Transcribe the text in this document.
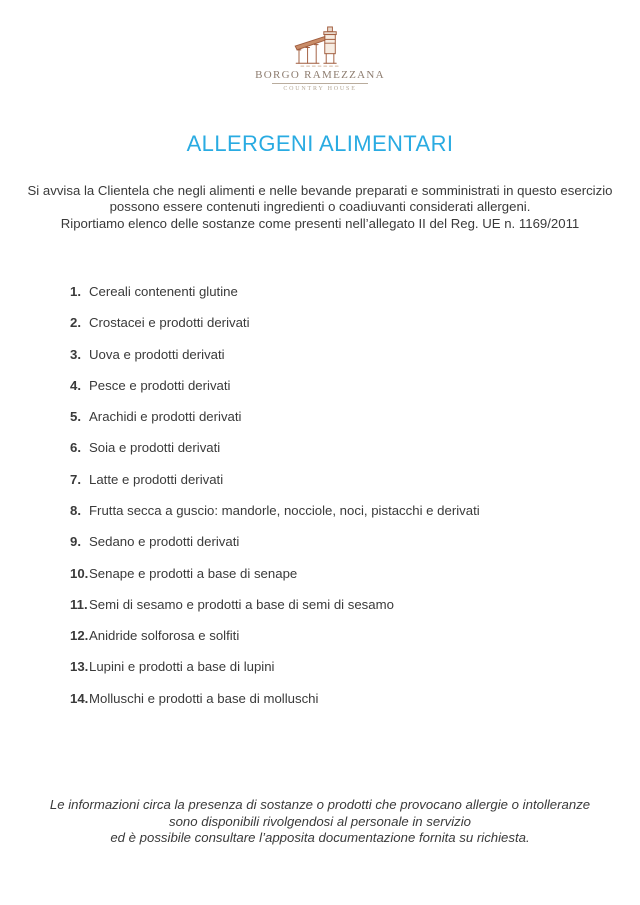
BORGO RAMEZZANA
COUNTRY HOUSE
ALLERGENI ALIMENTARI
Si avvisa la Clientela che negli alimenti e nelle bevande preparati e somministrati in questo esercizio
possono essere contenuti ingredienti o coadiuvanti considerati allergeni.
Riportiamo elenco delle sostanze come presenti nell’allegato II del Reg. UE n. 1169/2011
1. Cereali contenenti glutine
2. Crostacei e prodotti derivati
3. Uova e prodotti derivati
4. Pesce e prodotti derivati
5. Arachidi e prodotti derivati
6. Soia e prodotti derivati
7. Latte e prodotti derivati
8. Frutta secca a guscio: mandorle, nocciole, noci, pistacchi e derivati
9. Sedano e prodotti derivati
10. Senape e prodotti a base di senape
11. Semi di sesamo e prodotti a base di semi di sesamo
12. Anidride solforosa e solfiti
13. Lupini e prodotti a base di lupini
14. Molluschi e prodotti a base di molluschi
Le informazioni circa la presenza di sostanze o prodotti che provocano allergie o intolleranze
sono disponibili rivolgendosi al personale in servizio
ed è possibile consultare l’apposita documentazione fornita su richiesta.
